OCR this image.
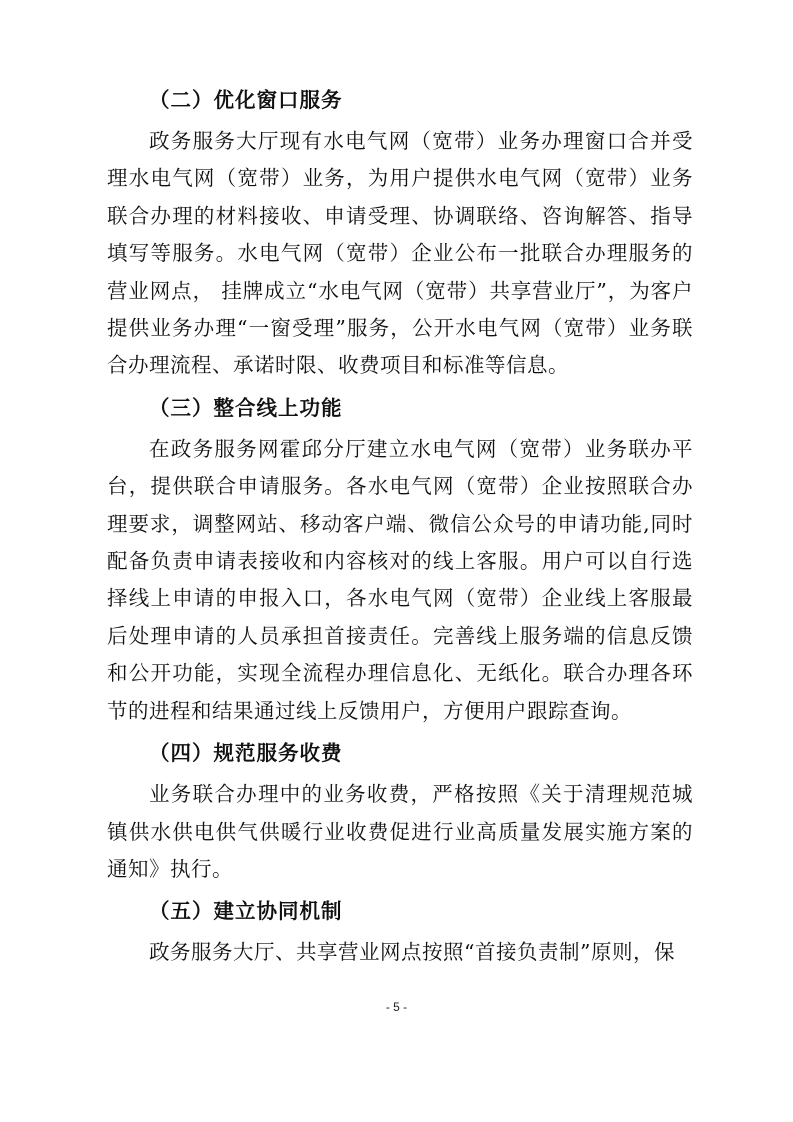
（二）优化窗口服务

政务服务大厅现有水电气网（宽带）业务办理窗口合并受理水电气网（宽带）业务，为用户提供水电气网（宽带）业务联合办理的材料接收、申请受理、协调联络、咨询解答、指导填写等服务。水电气网（宽带）企业公布一批联合办理服务的营业网点， 挂牌成立“水电气网（宽带）共享营业厅”，为客户提供业务办理“一窗受理”服务，公开水电气网（宽带）业务联合办理流程、承诺时限、收费项目和标准等信息。

（三）整合线上功能

在政务服务网霍邱分厅建立水电气网（宽带）业务联办平台，提供联合申请服务。各水电气网（宽带）企业按照联合办理要求，调整网站、移动客户端、微信公众号的申请功能,同时配备负责申请表接收和内容核对的线上客服。用户可以自行选择线上申请的申报入口，各水电气网（宽带）企业线上客服最后处理申请的人员承担首接责任。完善线上服务端的信息反馈和公开功能，实现全流程办理信息化、无纸化。联合办理各环节的进程和结果通过线上反馈用户，方便用户跟踪查询。

（四）规范服务收费

业务联合办理中的业务收费，严格按照《关于清理规范城镇供水供电供气供暖行业收费促进行业高质量发展实施方案的通知》执行。

（五）建立协同机制

政务服务大厅、共享营业网点按照“首接负责制”原则，保

- 5 -
